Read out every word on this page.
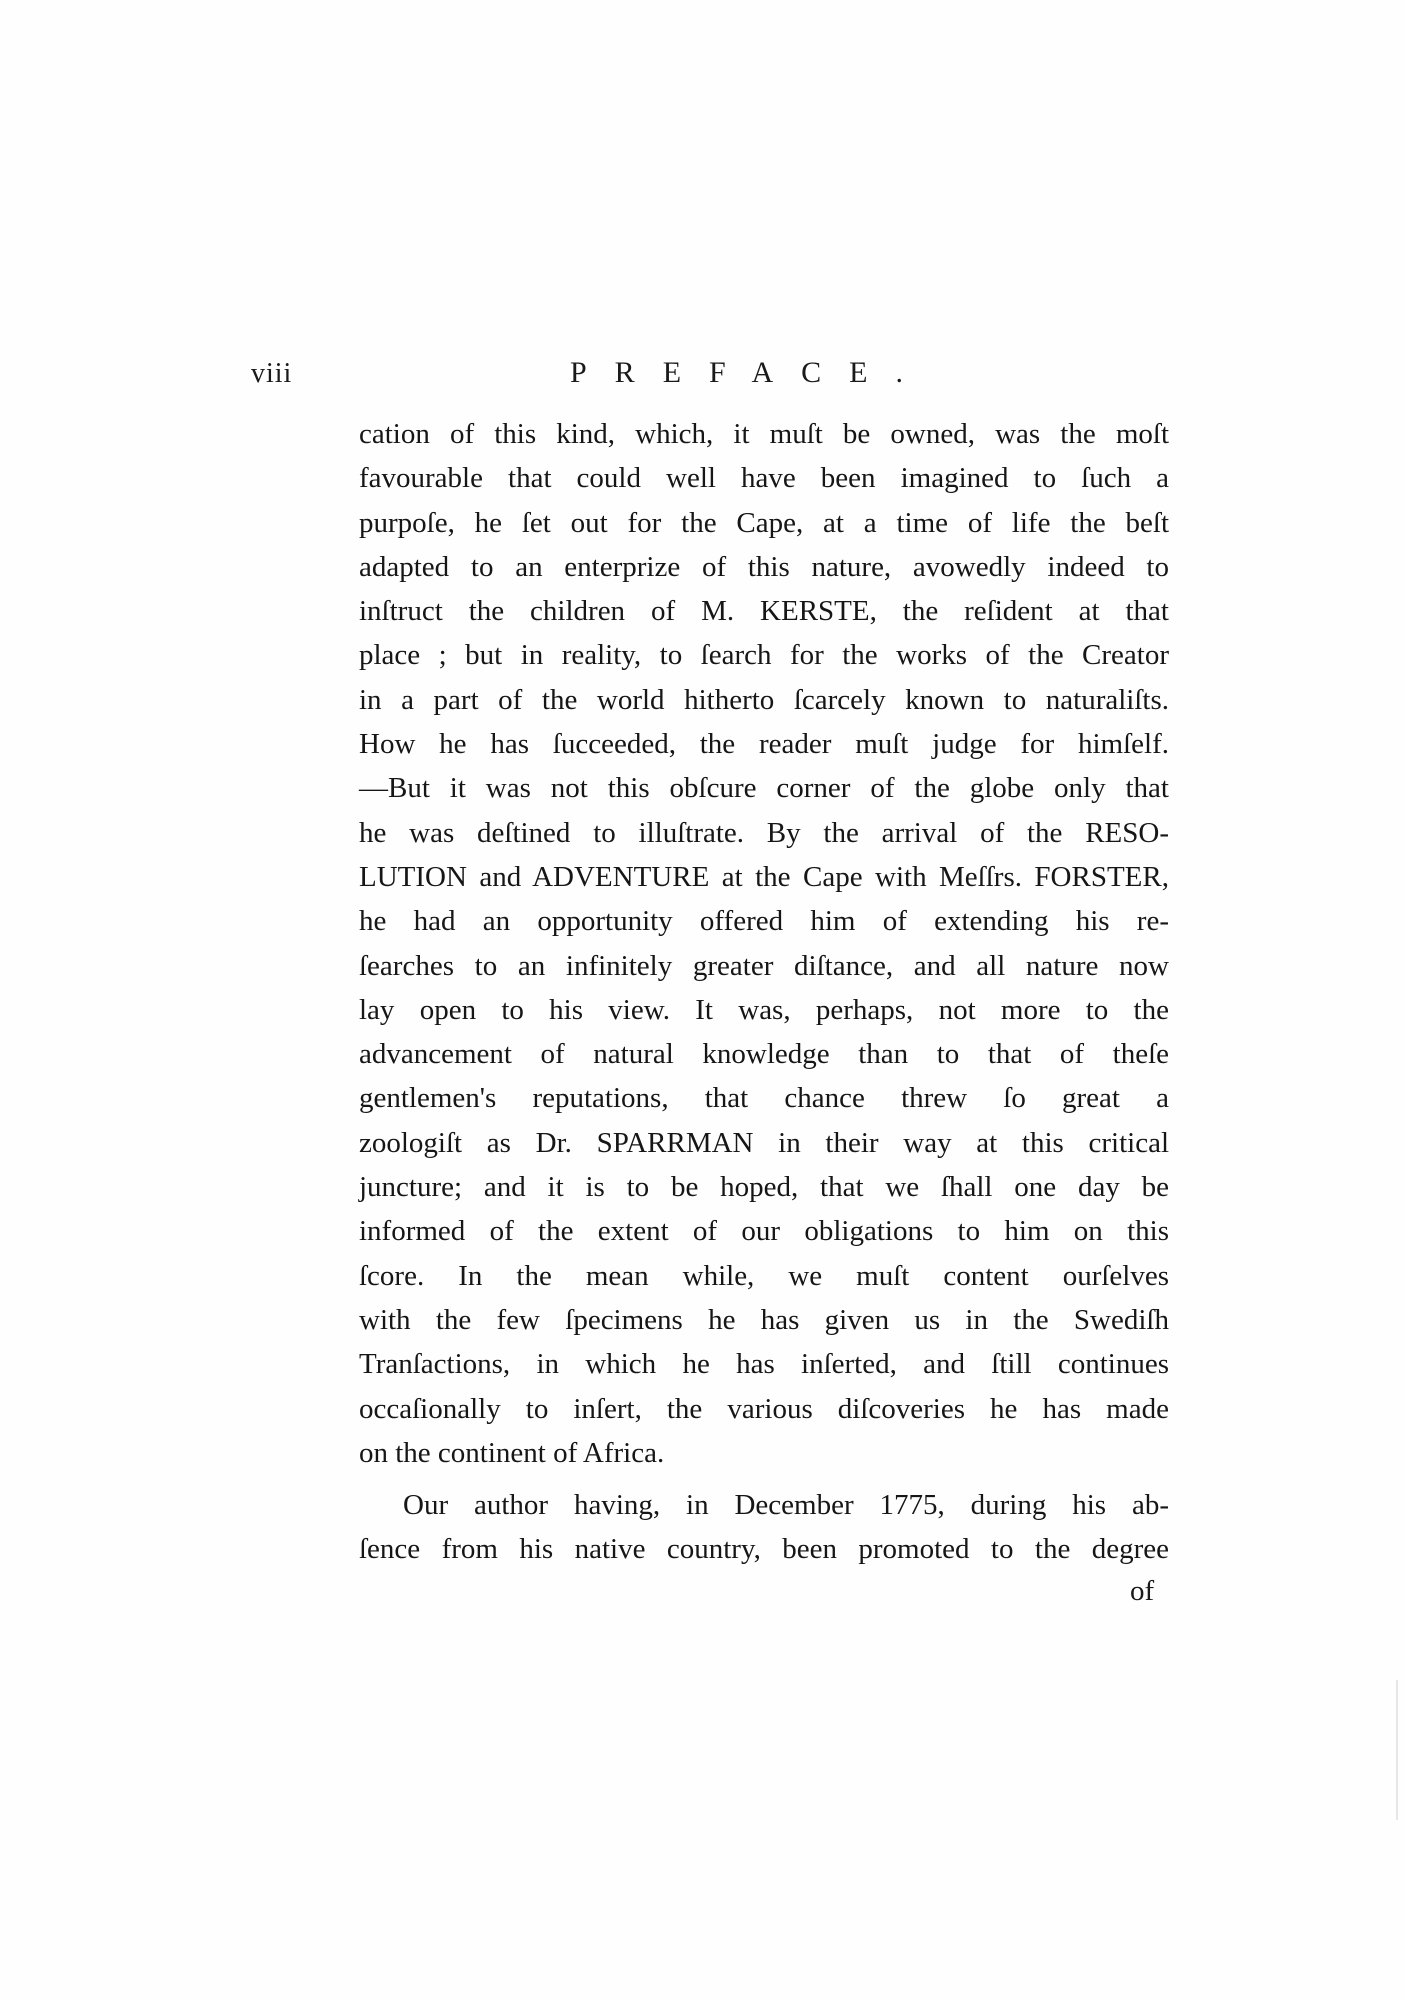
viii	PREFACE.
cation of this kind, which, it muſt be owned, was the moſt
favourable that could well have been imagined to ſuch a
purpoſe, he ſet out for the Cape, at a time of life the beſt
adapted to an enterprize of this nature, avowedly indeed to
inſtruct the children of M. KERSTE, the reſident at that
place ; but in reality, to ſearch for the works of the Creator
in a part of the world hitherto ſcarcely known to naturaliſts.
How he has ſucceeded, the reader muſt judge for himſelf.
—But it was not this obſcure corner of the globe only that
he was deſtined to illuſtrate. By the arrival of the RESO-
LUTION and ADVENTURE at the Cape with Meſſrs. FORSTER,
he had an opportunity offered him of extending his re-
ſearches to an infinitely greater diſtance, and all nature now
lay open to his view. It was, perhaps, not more to the
advancement of natural knowledge than to that of theſe
gentlemen's reputations, that chance threw ſo great a
zoologiſt as Dr. SPARRMAN in their way at this critical
juncture; and it is to be hoped, that we ſhall one day be
informed of the extent of our obligations to him on this
ſcore. In the mean while, we muſt content ourſelves
with the few ſpecimens he has given us in the Swediſh
Tranſactions, in which he has inſerted, and ſtill continues
occaſionally to inſert, the various diſcoveries he has made
on the continent of Africa.
Our author having, in December 1775, during his ab-
ſence from his native country, been promoted to the degree
of
